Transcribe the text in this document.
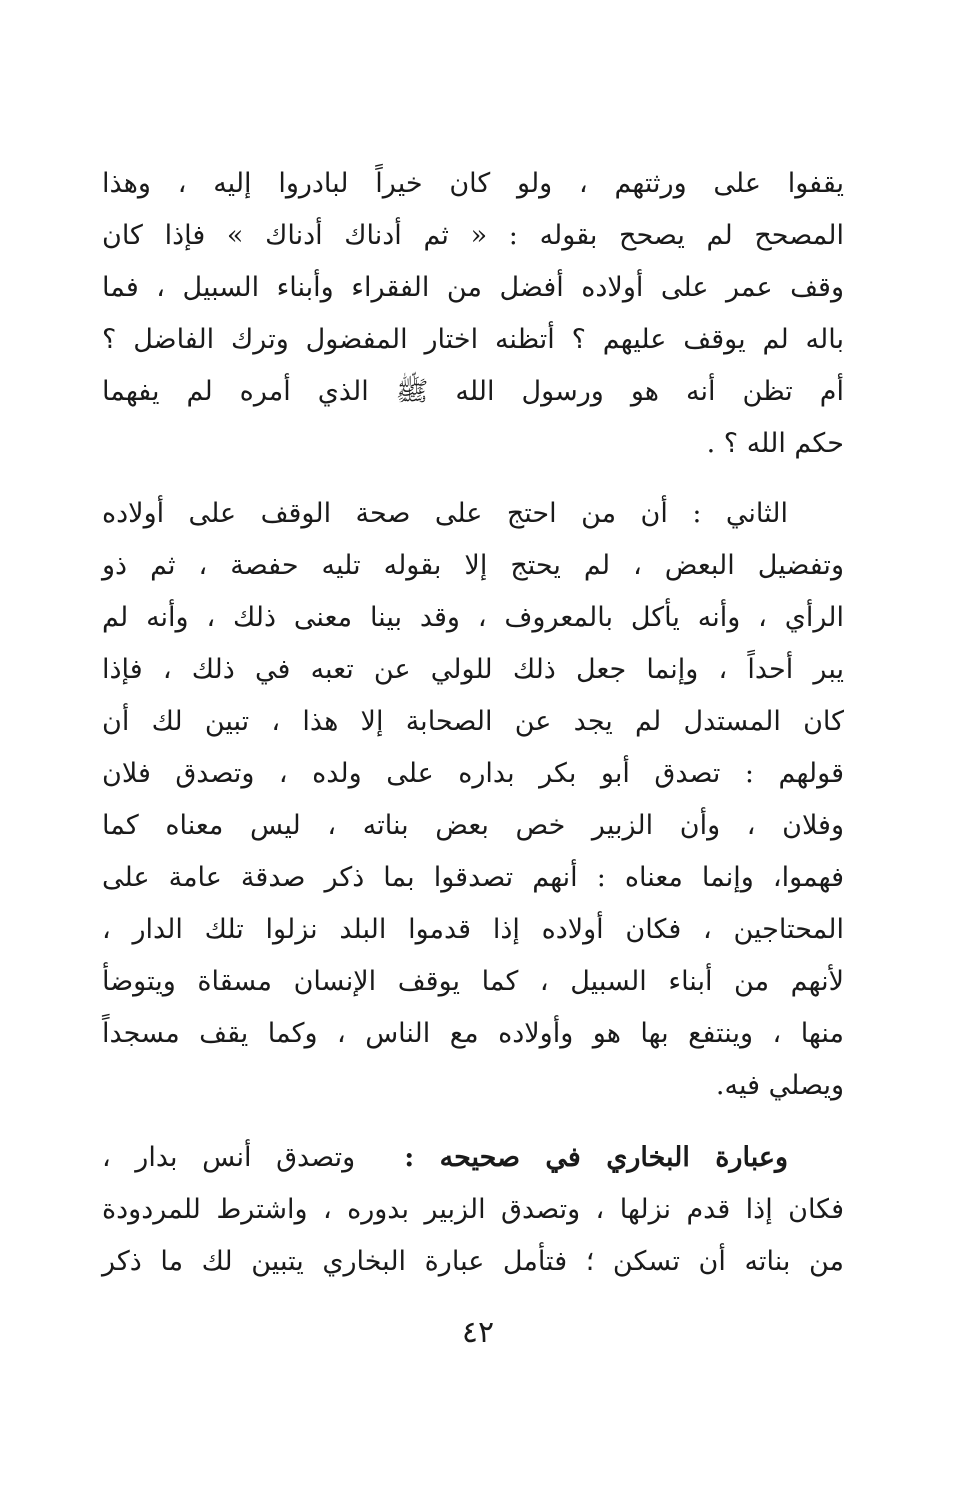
يقفوا على ورثتهم ، ولو كان خيراً لبادروا إليه ، وهذا
المصحح لم يصحح بقوله : « ثم أدناك أدناك » فإذا كان
وقف عمر على أولاده أفضل من الفقراء وأبناء السبيل ، فما
باله لم يوقف عليهم ؟ أتظنه اختار المفضول وترك الفاضل ؟
أم تظن أنه هو ورسول الله ﷺ الذي أمره لم يفهما
حكم الله ؟ .
الثاني : أن من احتج على صحة الوقف على أولاده
وتفضيل البعض ، لم يحتج إلا بقوله تليه حفصة ، ثم ذو
الرأي ، وأنه يأكل بالمعروف ، وقد بينا معنى ذلك ، وأنه لم
يبر أحداً ، وإنما جعل ذلك للولي عن تعبه في ذلك ، فإذا
كان المستدل لم يجد عن الصحابة إلا هذا ، تبين لك أن
قولهم : تصدق أبو بكر بداره على ولده ، وتصدق فلان
وفلان ، وأن الزبير خص بعض بناته ، ليس معناه كما
فهموا، وإنما معناه : أنهم تصدقوا بما ذكر صدقة عامة على
المحتاجين ، فكان أولاده إذا قدموا البلد نزلوا تلك الدار ،
لأنهم من أبناء السبيل ، كما يوقف الإنسان مسقاة ويتوضأ
منها ، وينتفع بها هو وأولاده مع الناس ، وكما يقف مسجداً
ويصلي فيه.
وعبارة البخاري في صحيحه :  وتصدق أنس بدار ،
فكان إذا قدم نزلها ، وتصدق الزبير بدوره ، واشترط للمردودة
من بناته أن تسكن ؛ فتأمل عبارة البخاري يتبين لك ما ذكر
٤٢
